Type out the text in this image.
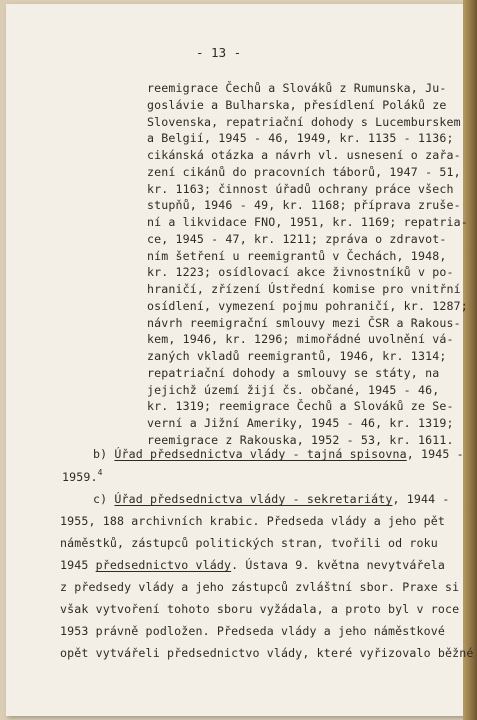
- 13 -
reemigrace Čechů a Slováků z Rumunska, Ju-
goslávie a Bulharska, přesídlení Poláků ze
Slovenska, repatriační dohody s Lucemburskem
a Belgií, 1945 - 46, 1949, kr. 1135 - 1136;
cikánská otázka a návrh vl. usnesení o zařa-
zení cikánů do pracovních táborů, 1947 - 51,
kr. 1163; činnost úřadů ochrany práce všech
stupňů, 1946 - 49, kr. 1168; příprava zruše-
ní a likvidace FNO, 1951, kr. 1169; repatria-
ce, 1945 - 47, kr. 1211; zpráva o zdravot-
ním šetření u reemigrantů v Čechách, 1948,
kr. 1223; osídlovací akce živnostníků v po-
hraničí, zřízení Ústřední komise pro vnitřní
osídlení, vymezení pojmu pohraničí, kr. 1287;
návrh reemigrační smlouvy mezi ČSR a Rakous-
kem, 1946, kr. 1296; mimořádné uvolnění vá-
zaných vkladů reemigrantů, 1946, kr. 1314;
repatriační dohody a smlouvy se státy, na
jejichž území žijí čs. občané, 1945 - 46,
kr. 1319; reemigrace Čechů a Slováků ze Se-
verní a Jižní Ameriky, 1945 - 46, kr. 1319;
reemigrace z Rakouska, 1952 - 53, kr. 1611.
b) Úřad předsednictva vlády - tajná spisovna, 1945 -
1959.$^4$
c) Úřad předsednictva vlády - sekretariáty, 1944 -
1955, 188 archivních krabic. Předseda vlády a jeho pět
náměstků, zástupců politických stran, tvořili od roku
1945 předsednictvo vlády. Ústava 9. května nevytvářela
z předsedy vlády a jeho zástupců zvláštní sbor. Praxe si
však vytvoření tohoto sboru vyžádala, a proto byl v roce
1953 právně podložen. Předseda vlády a jeho náměstkové
opět vytvářeli předsednictvo vlády, které vyřizovalo běžné
